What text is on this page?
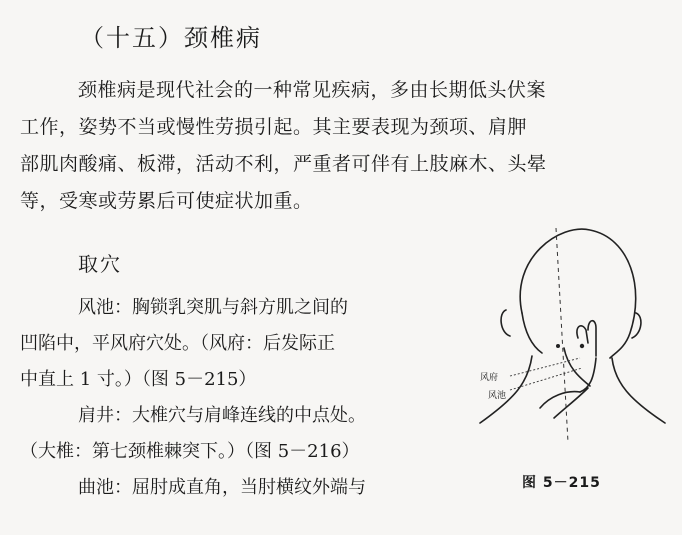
（十五）颈椎病
颈椎病是现代社会的一种常见疾病，多由长期低头伏案
工作，姿势不当或慢性劳损引起。其主要表现为颈项、肩胛
部肌肉酸痛、板滞，活动不利，严重者可伴有上肢麻木、头晕
等，受寒或劳累后可使症状加重。
取穴
风池：胸锁乳突肌与斜方肌之间的
凹陷中，平风府穴处。（风府：后发际正
中直上 1 寸。）（图 5－215）
肩井：大椎穴与肩峰连线的中点处。
（大椎：第七颈椎棘突下。）（图 5－216）
曲池：屈肘成直角，当肘横纹外端与
风府
风池
图 5－215
